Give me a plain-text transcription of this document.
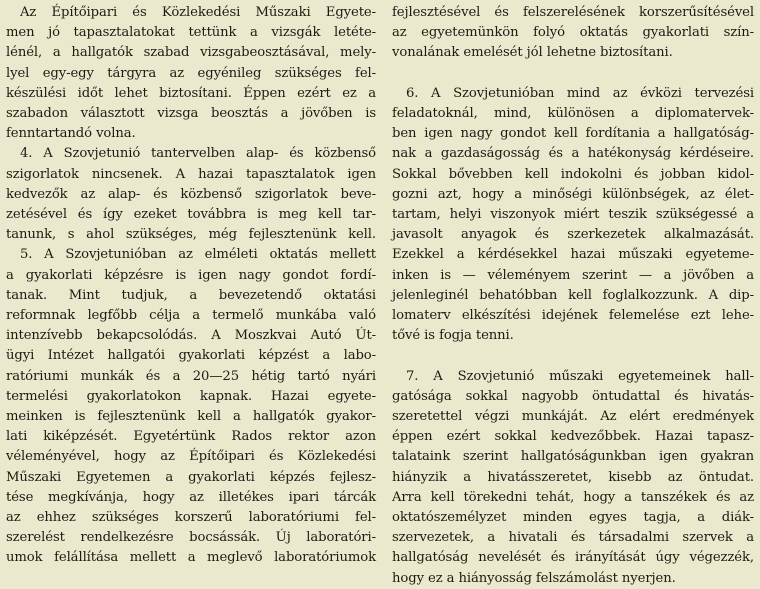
Az Építőipari és Közlekedési Műszaki Egyete-
men jó tapasztalatokat tettünk a vizsgák letéte-
lénél, a hallgatók szabad vizsgabeosztásával, mely-
lyel egy-egy tárgyra az egyénileg szükséges fel-
készülési időt lehet biztosítani. Éppen ezért ez a
szabadon választott vizsga beosztás a jövőben is
fenntartandó volna.
4. A Szovjetunió tantervelben alap- és közbenső
szigorlatok nincsenek. A hazai tapasztalatok igen
kedvezők az alap- és közbenső szigorlatok beve-
zetésével és így ezeket továbbra is meg kell tar-
tanunk, s ahol szükséges, még fejlesztenünk kell.
5. A Szovjetunióban az elméleti oktatás mellett
a gyakorlati képzésre is igen nagy gondot fordí-
tanak. Mint tudjuk, a bevezetendő oktatási
reformnak legfőbb célja a termelő munkába való
intenzívebb bekapcsolódás. A Moszkvai Autó Út-
ügyi Intézet hallgatói gyakorlati képzést a labo-
ratóriumi munkák és a 20—25 hétig tartó nyári
termelési gyakorlatokon kapnak. Hazai egyete-
meinken is fejlesztenünk kell a hallgatók gyakor-
lati kiképzését. Egyetértünk Rados rektor azon
véleményével, hogy az Építőipari és Közlekedési
Műszaki Egyetemen a gyakorlati képzés fejlesz-
tése megkívánja, hogy az illetékes ipari tárcák
az ehhez szükséges korszerű laboratóriumi fel-
szerelést rendelkezésre bocsássák. Új laboratóri-
umok felállítása mellett a meglevő laboratóriumok
fejlesztésével és felszerelésének korszerűsítésével
az egyetemünkön folyó oktatás gyakorlati szín-
vonalának emelését jól lehetne biztosítani.
6. A Szovjetunióban mind az évközi tervezési
feladatoknál, mind, különösen a diplomatervek-
ben igen nagy gondot kell fordítania a hallgatóság-
nak a gazdaságosság és a hatékonyság kérdéseire.
Sokkal bővebben kell indokolni és jobban kidol-
gozni azt, hogy a minőségi különbségek, az élet-
tartam, helyi viszonyok miért teszik szükségessé a
javasolt anyagok és szerkezetek alkalmazását.
Ezekkel a kérdésekkel hazai műszaki egyeteme-
inken is — véleményem szerint — a jövőben a
jelenleginél behatóbban kell foglalkozzunk. A dip-
lomaterv elkészítési idejének felemelése ezt lehe-
tővé is fogja tenni.
7. A Szovjetunió műszaki egyetemeinek hall-
gatósága sokkal nagyobb öntudattal és hivatás-
szeretettel végzi munkáját. Az elért eredmények
éppen ezért sokkal kedvezőbbek. Hazai tapasz-
talataink szerint hallgatóságunkban igen gyakran
hiányzik a hivatásszeretet, kisebb az öntudat.
Arra kell törekedni tehát, hogy a tanszékek és az
oktatószemélyzet minden egyes tagja, a diák-
szervezetek, a hivatali és társadalmi szervek a
hallgatóság nevelését és irányítását úgy végezzék,
hogy ez a hiányosság felszámolást nyerjen.
